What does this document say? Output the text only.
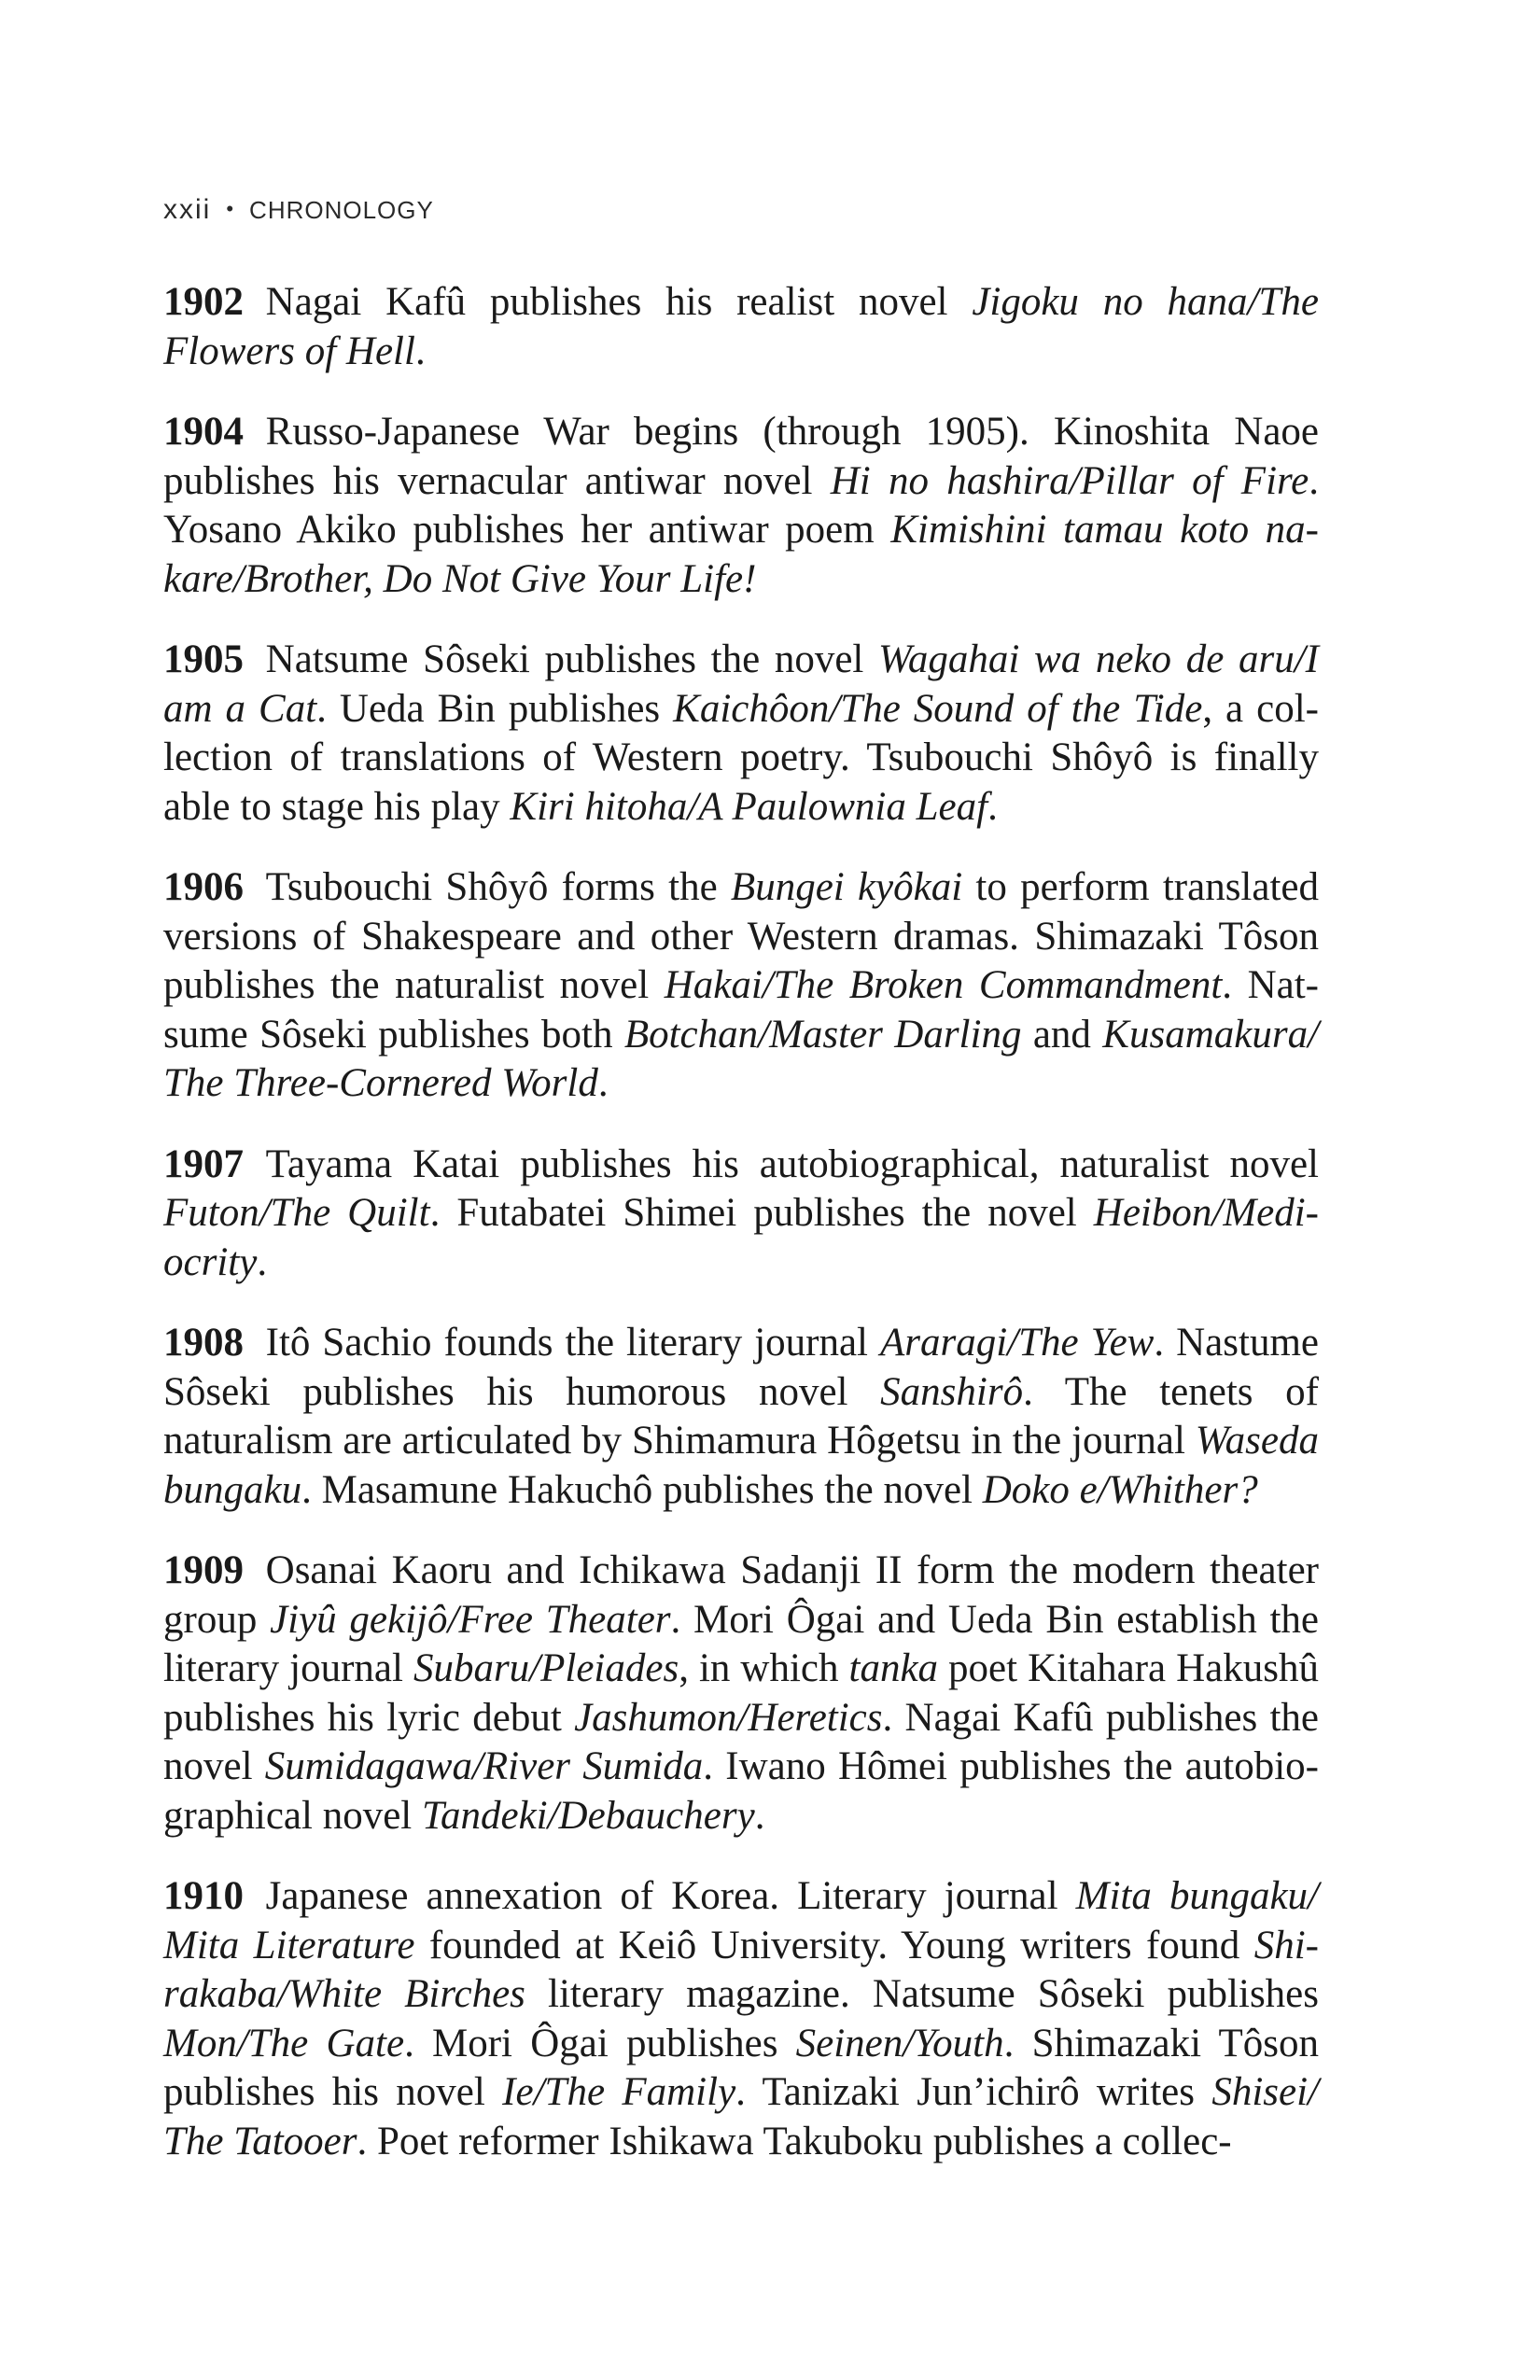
xxii • CHRONOLOGY

1902 Nagai Kafû publishes his realist novel Jigoku no hana/The Flowers of Hell.

1904 Russo-Japanese War begins (through 1905). Kinoshita Naoe publishes his vernacular antiwar novel Hi no hashira/Pillar of Fire. Yosano Akiko publishes her antiwar poem Kimishini tamau koto nakare/Brother, Do Not Give Your Life!

1905 Natsume Sôseki publishes the novel Wagahai wa neko de aru/I am a Cat. Ueda Bin publishes Kaichôon/The Sound of the Tide, a collection of translations of Western poetry. Tsubouchi Shôyô is finally able to stage his play Kiri hitoha/A Paulownia Leaf.

1906 Tsubouchi Shôyô forms the Bungei kyôkai to perform translated versions of Shakespeare and other Western dramas. Shimazaki Tôson publishes the naturalist novel Hakai/The Broken Commandment. Natsume Sôseki publishes both Botchan/Master Darling and Kusamakura/​The Three-Cornered World.

1907 Tayama Katai publishes his autobiographical, naturalist novel Futon/The Quilt. Futabatei Shimei publishes the novel Heibon/Mediocrity.

1908 Itô Sachio founds the literary journal Araragi/The Yew. Nastume Sôseki publishes his humorous novel Sanshirô. The tenets of naturalism are articulated by Shimamura Hôgetsu in the journal Waseda bungaku. Masamune Hakuchô publishes the novel Doko e/Whither?

1909 Osanai Kaoru and Ichikawa Sadanji II form the modern theater group Jiyû gekijô/Free Theater. Mori Ôgai and Ueda Bin establish the literary journal Subaru/Pleiades, in which tanka poet Kitahara Hakushû publishes his lyric debut Jashumon/Heretics. Nagai Kafû publishes the novel Sumidagawa/River Sumida. Iwano Hômei publishes the autobiographical novel Tandeki/Debauchery.

1910 Japanese annexation of Korea. Literary journal Mita bungaku/​Mita Literature founded at Keiô University. Young writers found Shirakaba/White Birches literary magazine. Natsume Sôseki publishes Mon/The Gate. Mori Ôgai publishes Seinen/Youth. Shimazaki Tôson publishes his novel Ie/The Family. Tanizaki Jun’ichirô writes Shisei/​The Tatooer. Poet reformer Ishikawa Takuboku publishes a collec-
